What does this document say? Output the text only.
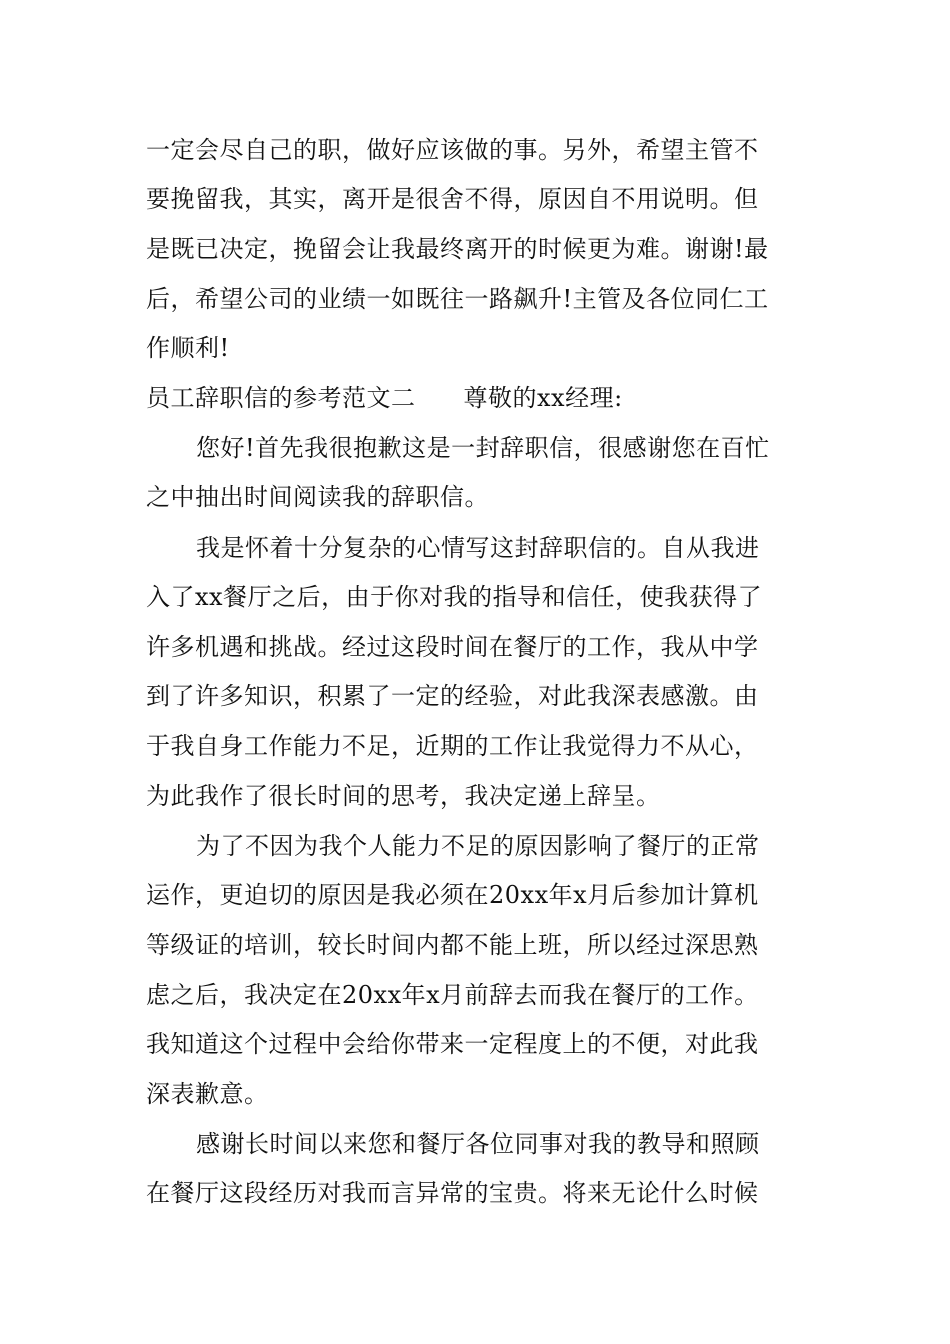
一定会尽自己的职，做好应该做的事。另外，希望主管不
要挽留我，其实，离开是很舍不得，原因自不用说明。但
是既已决定，挽留会让我最终离开的时候更为难。谢谢!最
后，希望公司的业绩一如既往一路飙升!主管及各位同仁工
作顺利!
员工辞职信的参考范文二 尊敬的xx经理:
您好!首先我很抱歉这是一封辞职信，很感谢您在百忙
之中抽出时间阅读我的辞职信。
我是怀着十分复杂的心情写这封辞职信的。自从我进
入了xx餐厅之后，由于你对我的指导和信任，使我获得了
许多机遇和挑战。经过这段时间在餐厅的工作，我从中学
到了许多知识，积累了一定的经验，对此我深表感激。由
于我自身工作能力不足，近期的工作让我觉得力不从心，
为此我作了很长时间的思考，我决定递上辞呈。
为了不因为我个人能力不足的原因影响了餐厅的正常
运作，更迫切的原因是我必须在20xx年x月后参加计算机
等级证的培训，较长时间内都不能上班，所以经过深思熟
虑之后，我决定在20xx年x月前辞去而我在餐厅的工作。
我知道这个过程中会给你带来一定程度上的不便，对此我
深表歉意。
感谢长时间以来您和餐厅各位同事对我的教导和照顾
在餐厅这段经历对我而言异常的宝贵。将来无论什么时候
